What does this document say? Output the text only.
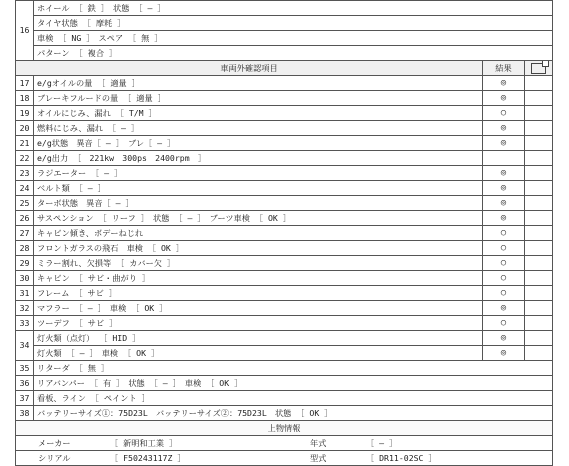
16	ホイール ［ 鉄 ］　状態 ［ ― ］		
	タイヤ状態 ［ 摩耗 ］		
	車検 ［ NG ］　スペア ［ 無 ］		
	パターン ［ 複合 ］		
車両外確認項目		結果	
17	e/gオイルの量 ［ 適量 ］	◎	
18	ブレーキフルードの量 ［ 適量 ］	◎	
19	オイルにじみ、漏れ ［ T/M ］	○	
20	燃料にじみ、漏れ ［ ― ］	◎	
21	e/g状態　異音［ ― ］　ブレ［ ― ］	◎	
22	e/g出力 ［　221kw　300ps　2400rpm　］		
23	ラジエーター ［ ― ］	◎	
24	ベルト類 ［ ― ］	◎	
25	ターボ状態　異音［ ― ］	◎	
26	サスペンション ［ リーフ ］　状態 ［ ― ］　ブーツ車検 ［ OK ］	◎	
27	キャビン傾き、ボデーねじれ	○	
28	フロントガラスの飛石　車検 ［ OK ］	○	
29	ミラー割れ、欠損等 ［ カバー欠 ］	○	
30	キャビン ［ サビ・曲がり ］	○	
31	フレーム ［ サビ ］	○	
32	マフラー ［ ― ］　車検 ［ OK ］	◎	
33	ツーデフ ［ サビ ］	○	
34	灯火類（点灯） ［ HID ］	◎	
	灯火類 ［ ― ］　車検 ［ OK ］	◎	
35	リターダ ［ 無 ］		
36	リアバンパー ［ 有 ］　状態 ［ ― ］　車検 ［ OK ］		
37	看板、ライン ［ ペイント ］		
38	バッテリーサイズ①：75D23L　バッテリーサイズ②：75D23L　状態 ［ OK ］		
上物情報			
メーカー ［ 新明和工業 ］ 年式 ［ ― ］			
シリアル ［ F50243117Z ］ 型式 ［ DR11-02SC ］			
